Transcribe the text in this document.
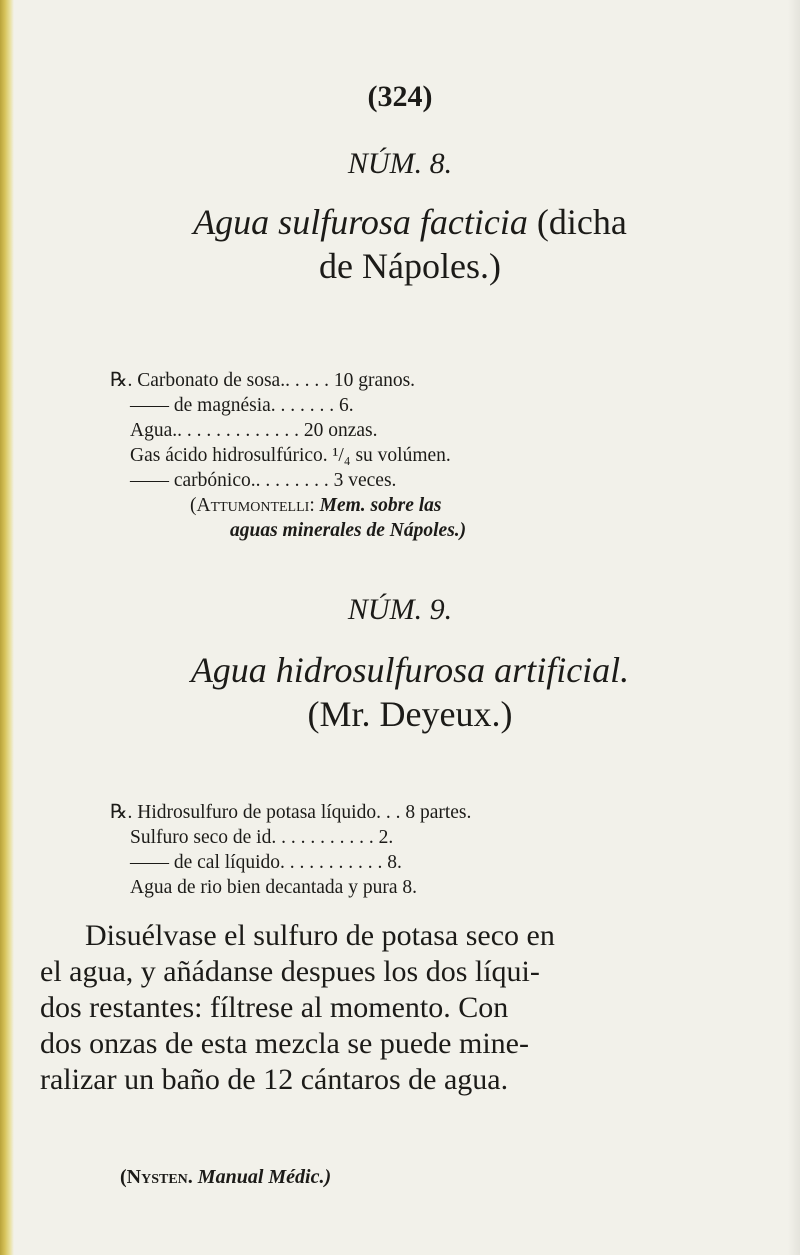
(324)
NÚM. 8.
Agua sulfurosa facticia (dicha
de Nápoles.)
℞. Carbonato de sosa.. . . . . 10 granos.
—— de magnésia. . . . . . . 6.
Agua.. . . . . . . . . . . . . 20 onzas.
Gas ácido hidrosulfúrico. ¹/₄ su volúmen.
—— carbónico.. . . . . . . . 3 veces.
(Attumontelli: Mem. sobre las
aguas minerales de Nápoles.)
NÚM. 9.
Agua hidrosulfurosa artificial.
(Mr. Deyeux.)
℞. Hidrosulfuro de potasa líquido. . . 8 partes.
Sulfuro seco de id. . . . . . . . . . . 2.
—— de cal líquido. . . . . . . . . . . 8.
Agua de rio bien decantada y pura 8.
Disuélvase el sulfuro de potasa seco en
el agua, y añádanse despues los dos líqui-
dos restantes: fíltrese al momento. Con
dos onzas de esta mezcla se puede mine-
ralizar un baño de 12 cántaros de agua.
(Nysten. Manual Médic.)
